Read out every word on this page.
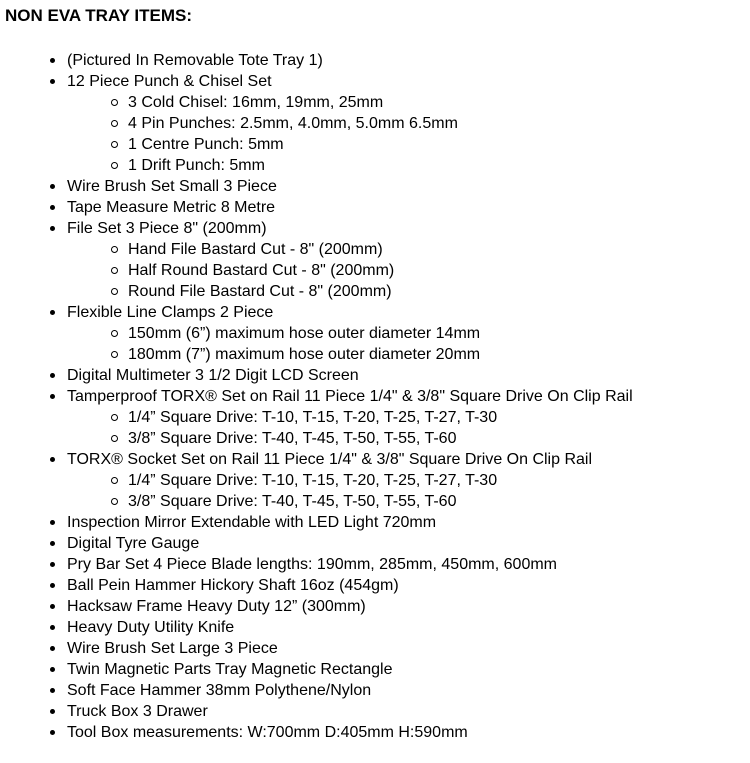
NON EVA TRAY ITEMS:
(Pictured In Removable Tote Tray 1)
12 Piece Punch & Chisel Set
3 Cold Chisel: 16mm, 19mm, 25mm
4 Pin Punches: 2.5mm, 4.0mm, 5.0mm 6.5mm
1 Centre Punch: 5mm
1 Drift Punch: 5mm
Wire Brush Set Small 3 Piece
Tape Measure Metric 8 Metre
File Set 3 Piece 8" (200mm)
Hand File Bastard Cut - 8" (200mm)
Half Round Bastard Cut - 8" (200mm)
Round File Bastard Cut - 8" (200mm)
Flexible Line Clamps 2 Piece
150mm (6”) maximum hose outer diameter 14mm
180mm (7”) maximum hose outer diameter 20mm
Digital Multimeter 3 1/2 Digit LCD Screen
Tamperproof TORX® Set on Rail 11 Piece 1/4" & 3/8" Square Drive On Clip Rail
1/4” Square Drive: T-10, T-15, T-20, T-25, T-27, T-30
3/8” Square Drive: T-40, T-45, T-50, T-55, T-60
TORX® Socket Set on Rail 11 Piece 1/4" & 3/8" Square Drive On Clip Rail
1/4” Square Drive: T-10, T-15, T-20, T-25, T-27, T-30
3/8” Square Drive: T-40, T-45, T-50, T-55, T-60
Inspection Mirror Extendable with LED Light 720mm
Digital Tyre Gauge
Pry Bar Set 4 Piece Blade lengths: 190mm, 285mm, 450mm, 600mm
Ball Pein Hammer Hickory Shaft 16oz (454gm)
Hacksaw Frame Heavy Duty 12” (300mm)
Heavy Duty Utility Knife
Wire Brush Set Large 3 Piece
Twin Magnetic Parts Tray Magnetic Rectangle
Soft Face Hammer 38mm Polythene/Nylon
Truck Box 3 Drawer
Tool Box measurements: W:700mm D:405mm H:590mm
